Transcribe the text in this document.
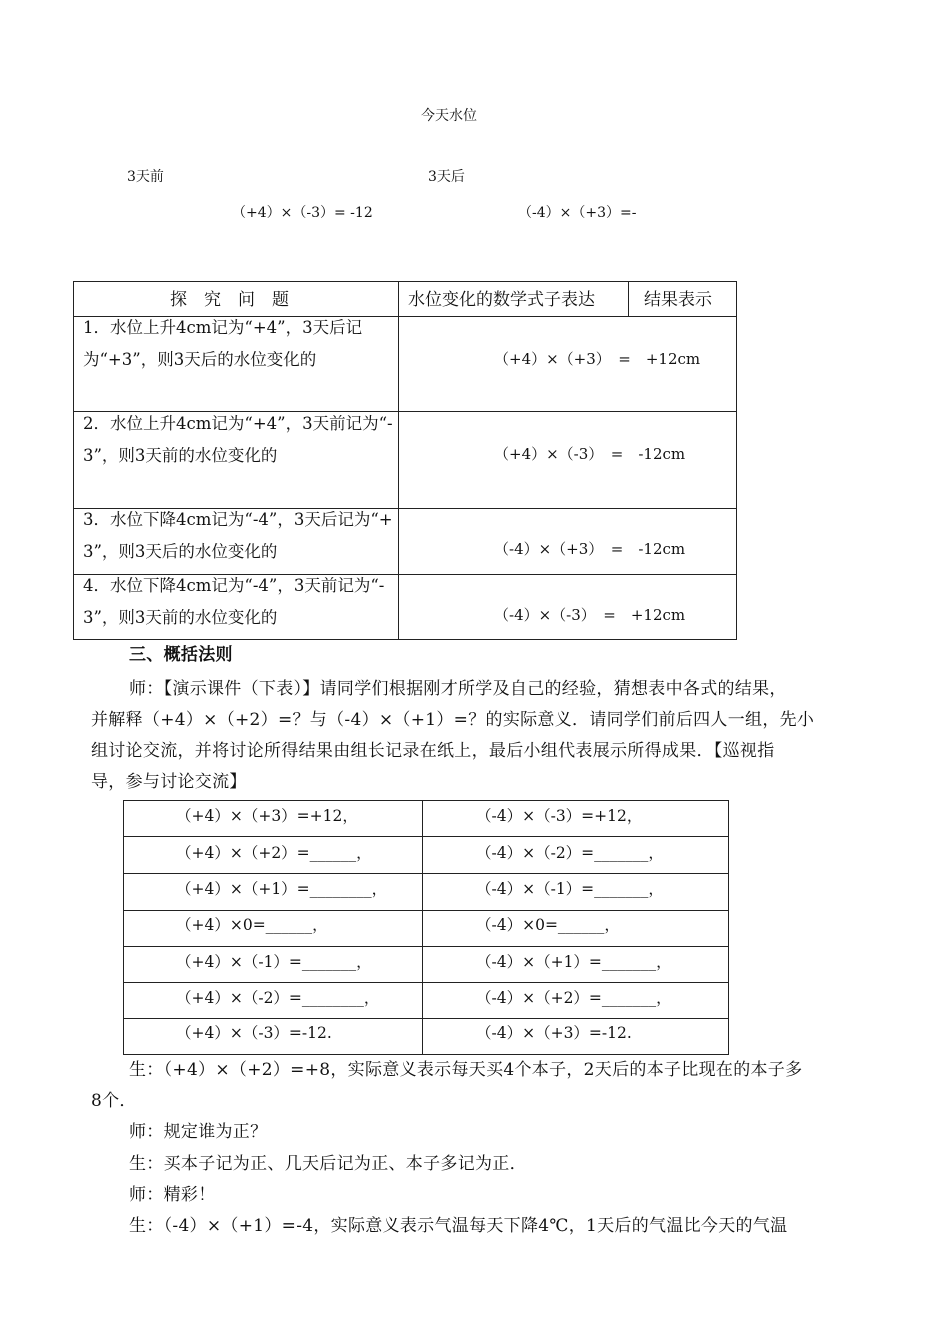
今天水位
3天前	3天后
（+4）×（-3）= -12	（-4）×（+3）=-
探　究　问　题	水位变化的数学式子表达	结果表示
1．水位上升4cm记为“+4”，3天后记为“+3”，则3天后的水位变化的	（+4）×（+3）　=　+12cm
2．水位上升4cm记为“+4”，3天前记为“-3”，则3天前的水位变化的	（+4）×（-3）　=　-12cm
3．水位下降4cm记为“-4”，3天后记为“+3”，则3天后的水位变化的	（-4）×（+3）　=　-12cm
4．水位下降4cm记为“-4”，3天前记为“-3”，则3天前的水位变化的	（-4）×（-3）　=　+12cm
三、概括法则
师：【演示课件（下表）】请同学们根据刚才所学及自己的经验，猜想表中各式的结果，
并解释（+4）×（+2）=？与（-4）×（+1）=？的实际意义．请同学们前后四人一组，先小
组讨论交流，并将讨论所得结果由组长记录在纸上，最后小组代表展示所得成果．【巡视指
导，参与讨论交流】
（+4）×（+3）=+12，	（-4）×（-3）=+12，
（+4）×（+2）=______，	（-4）×（-2）=_______，
（+4）×（+1）=________，	（-4）×（-1）=_______，
（+4）×0=______，	（-4）×0=______，
（+4）×（-1）=_______，	（-4）×（+1）=_______，
（+4）×（-2）=________，	（-4）×（+2）=_______，
（+4）×（-3）=-12.	（-4）×（+3）=-12.
生：（+4）×（+2）=+8，实际意义表示每天买4个本子，2天后的本子比现在的本子多
8个．
师：规定谁为正？
生：买本子记为正、几天后记为正、本子多记为正．
师：精彩！
生：（-4）×（+1）=-4，实际意义表示气温每天下降4℃，1天后的气温比今天的气温
